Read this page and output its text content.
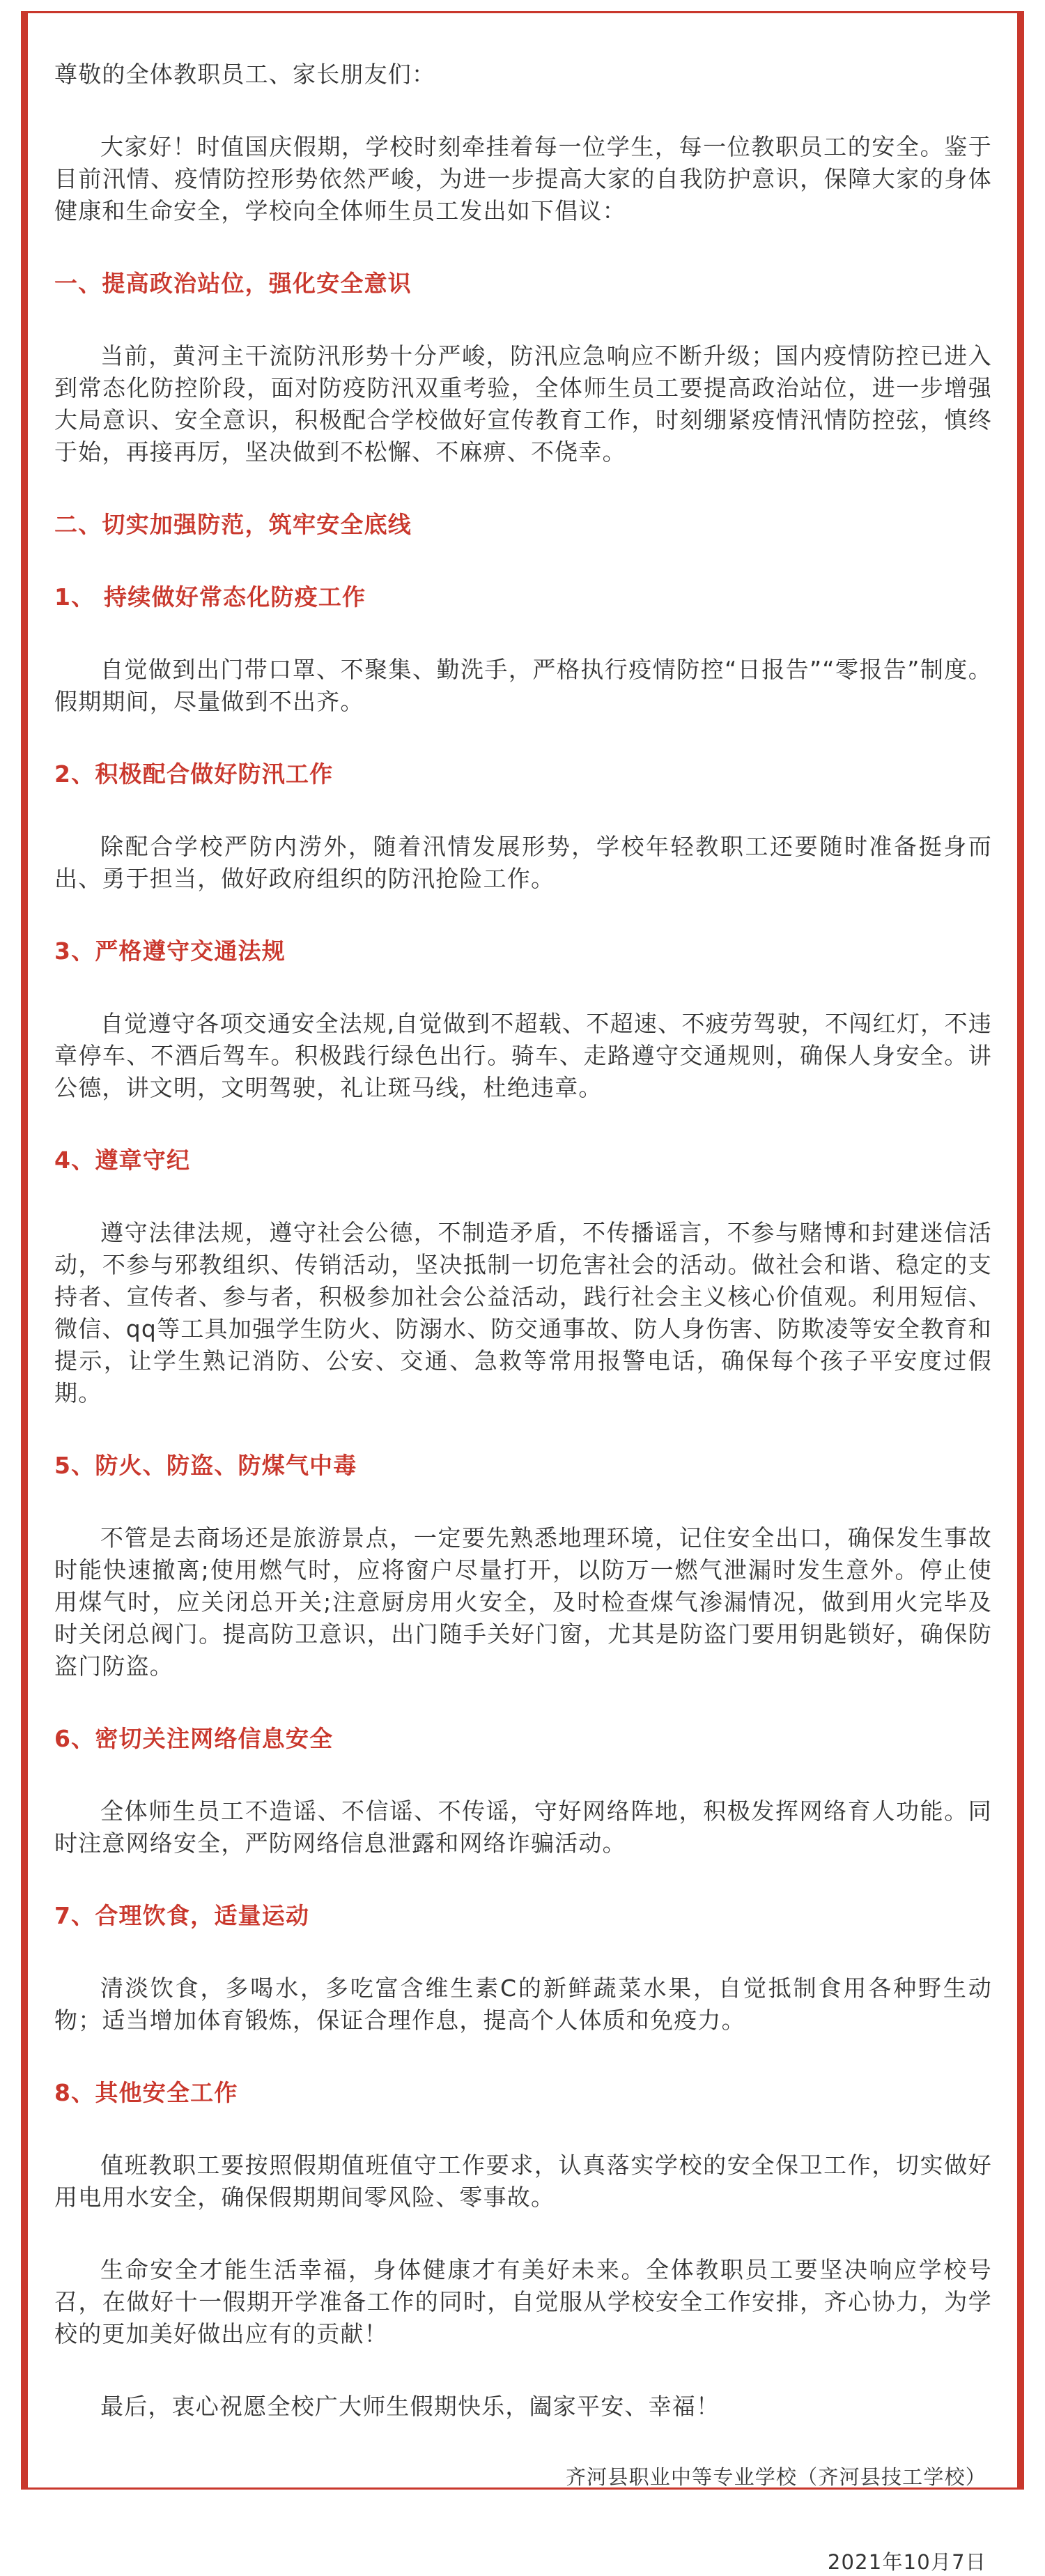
尊敬的全体教职员工、家长朋友们：

大家好！时值国庆假期，学校时刻牵挂着每一位学生，每一位教职员工的安全。鉴于目前汛情、疫情防控形势依然严峻，为进一步提高大家的自我防护意识，保障大家的身体健康和生命安全，学校向全体师生员工发出如下倡议：

一、提高政治站位，强化安全意识

当前，黄河主干流防汛形势十分严峻，防汛应急响应不断升级；国内疫情防控已进入到常态化防控阶段，面对防疫防汛双重考验，全体师生员工要提高政治站位，进一步增强大局意识、安全意识，积极配合学校做好宣传教育工作，时刻绷紧疫情汛情防控弦，慎终于始，再接再厉，坚决做到不松懈、不麻痹、不侥幸。

二、切实加强防范，筑牢安全底线

1、 持续做好常态化防疫工作

自觉做到出门带口罩、不聚集、勤洗手，严格执行疫情防控“日报告”“零报告”制度。假期期间，尽量做到不出齐。

2、积极配合做好防汛工作

除配合学校严防内涝外，随着汛情发展形势，学校年轻教职工还要随时准备挺身而出、勇于担当，做好政府组织的防汛抢险工作。

3、严格遵守交通法规

自觉遵守各项交通安全法规,自觉做到不超载、不超速、不疲劳驾驶，不闯红灯，不违章停车、不酒后驾车。积极践行绿色出行。骑车、走路遵守交通规则，确保人身安全。讲公德，讲文明，文明驾驶，礼让斑马线，杜绝违章。

4、遵章守纪

遵守法律法规，遵守社会公德，不制造矛盾，不传播谣言，不参与赌博和封建迷信活动，不参与邪教组织、传销活动，坚决抵制一切危害社会的活动。做社会和谐、稳定的支持者、宣传者、参与者，积极参加社会公益活动，践行社会主义核心价值观。利用短信、微信、qq等工具加强学生防火、防溺水、防交通事故、防人身伤害、防欺凌等安全教育和提示，让学生熟记消防、公安、交通、急救等常用报警电话，确保每个孩子平安度过假期。

5、防火、防盗、防煤气中毒

不管是去商场还是旅游景点，一定要先熟悉地理环境，记住安全出口，确保发生事故时能快速撤离;使用燃气时，应将窗户尽量打开，以防万一燃气泄漏时发生意外。停止使用煤气时，应关闭总开关;注意厨房用火安全，及时检查煤气渗漏情况，做到用火完毕及时关闭总阀门。提高防卫意识，出门随手关好门窗，尤其是防盗门要用钥匙锁好，确保防盗门防盗。

6、密切关注网络信息安全

全体师生员工不造谣、不信谣、不传谣，守好网络阵地，积极发挥网络育人功能。同时注意网络安全，严防网络信息泄露和网络诈骗活动。

7、合理饮食，适量运动

清淡饮食，多喝水，多吃富含维生素C的新鲜蔬菜水果，自觉抵制食用各种野生动物；适当增加体育锻炼，保证合理作息，提高个人体质和免疫力。

8、其他安全工作

值班教职工要按照假期值班值守工作要求，认真落实学校的安全保卫工作，切实做好用电用水安全，确保假期期间零风险、零事故。

生命安全才能生活幸福，身体健康才有美好未来。全体教职员工要坚决响应学校号召，在做好十一假期开学准备工作的同时，自觉服从学校安全工作安排，齐心协力，为学校的更加美好做出应有的贡献！

最后，衷心祝愿全校广大师生假期快乐，阖家平安、幸福！

齐河县职业中等专业学校（齐河县技工学校）

2021年10月7日
